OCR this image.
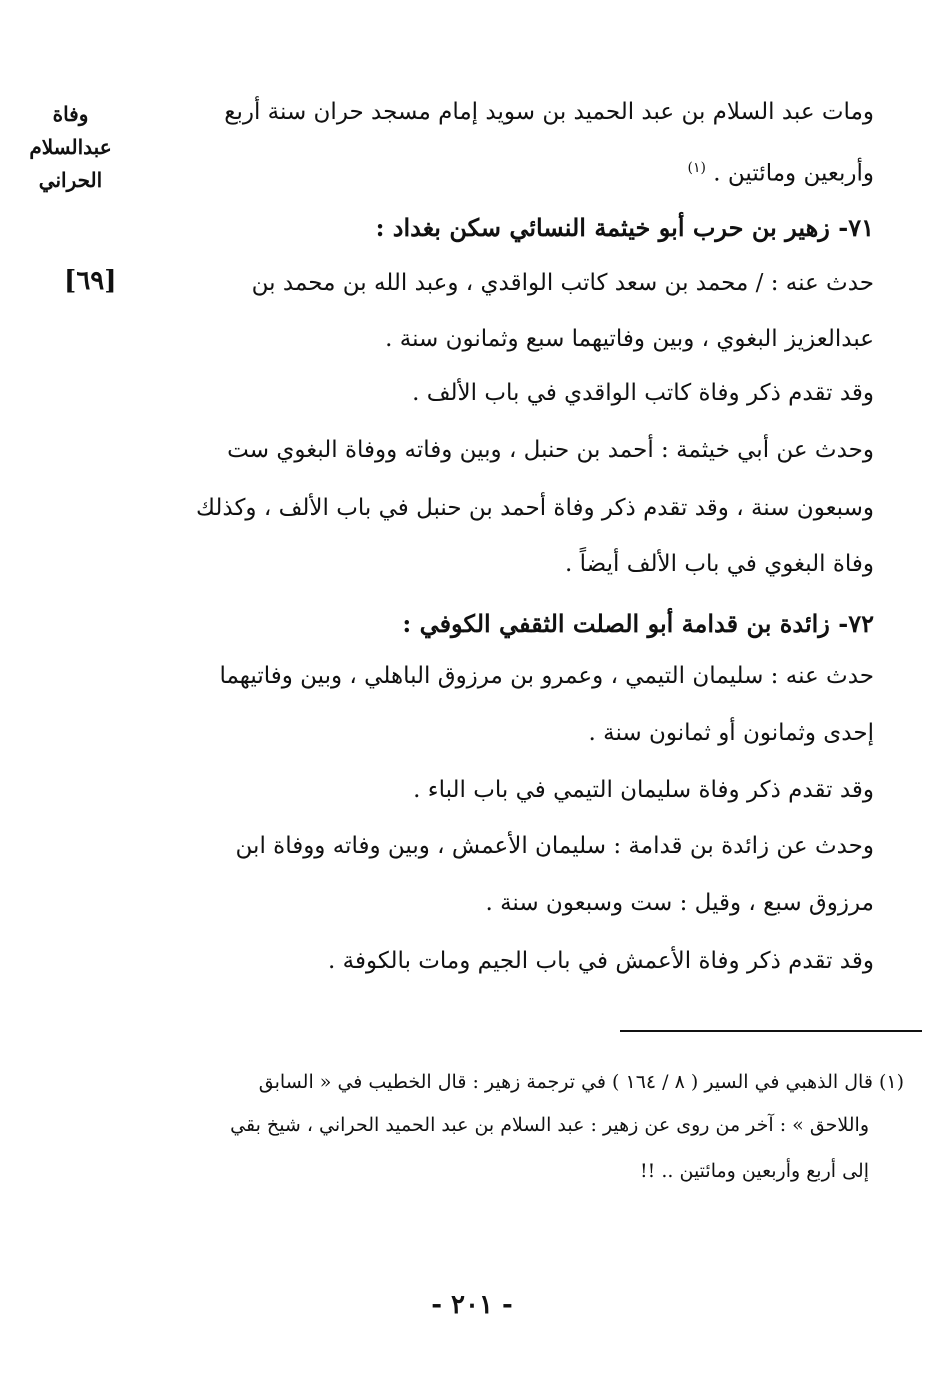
وفاة
عبدالسلام
الحراني
[٦٩]
ومات عبد السلام بن عبد الحميد بن سويد إمام مسجد حران سنة أربع
وأربعين ومائتين . $^{(١)}$
٧١- زهير بن حرب أبو خيثمة النسائي سكن بغداد :
حدث عنه : / محمد بن سعد كاتب الواقدي ، وعبد الله بن محمد بن
عبدالعزيز البغوي ، وبين وفاتيهما سبع وثمانون سنة .
وقد تقدم ذكر وفاة كاتب الواقدي في باب الألف .
وحدث عن أبي خيثمة : أحمد بن حنبل ، وبين وفاته ووفاة البغوي ست
وسبعون سنة ، وقد تقدم ذكر وفاة أحمد بن حنبل في باب الألف ، وكذلك
وفاة البغوي في باب الألف أيضاً .
٧٢- زائدة بن قدامة أبو الصلت الثقفي الكوفي :
حدث عنه : سليمان التيمي ، وعمرو بن مرزوق الباهلي ، وبين وفاتيهما
إحدى وثمانون أو ثمانون سنة .
وقد تقدم ذكر وفاة سليمان التيمي في باب الباء .
وحدث عن زائدة بن قدامة : سليمان الأعمش ، وبين وفاته ووفاة ابن
مرزوق سبع ، وقيل : ست وسبعون سنة .
وقد تقدم ذكر وفاة الأعمش في باب الجيم ومات بالكوفة .
(١) قال الذهبي في السير ( ٨ / ١٦٤ ) في ترجمة زهير : قال الخطيب في « السابق
واللاحق » : آخر من روى عن زهير : عبد السلام بن عبد الحميد الحراني ، شيخ بقي
إلى أربع وأربعين ومائتين .. !!
- ٢٠١ -
